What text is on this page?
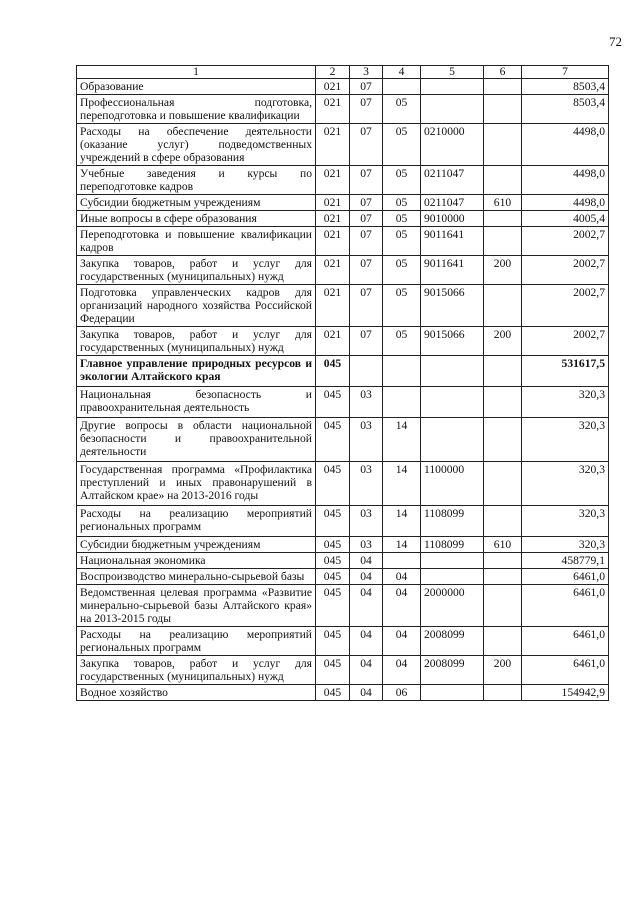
72
1	2	3	4	5	6	7
Образование	021	07				8503,4
Профессиональная подготовка, переподготовка и повышение квалификации	021	07	05			8503,4
Расходы на обеспечение деятельности (оказание услуг) подведомственных учреждений в сфере образования	021	07	05	0210000		4498,0
Учебные заведения и курсы по переподготовке кадров	021	07	05	0211047		4498,0
Субсидии бюджетным учреждениям	021	07	05	0211047	610	4498,0
Иные вопросы в сфере образования	021	07	05	9010000		4005,4
Переподготовка и повышение квалификации кадров	021	07	05	9011641		2002,7
Закупка товаров, работ и услуг для государственных (муниципальных) нужд	021	07	05	9011641	200	2002,7
Подготовка управленческих кадров для организаций народного хозяйства Российской Федерации	021	07	05	9015066		2002,7
Закупка товаров, работ и услуг для государственных (муниципальных) нужд	021	07	05	9015066	200	2002,7
Главное управление природных ресурсов и экологии Алтайского края	045					531617,5
Национальная безопасность и правоохранительная деятельность	045	03				320,3
Другие вопросы в области национальной безопасности и правоохранительной деятельности	045	03	14			320,3
Государственная программа «Профилактика преступлений и иных правонарушений в Алтайском крае» на 2013-2016 годы	045	03	14	1100000		320,3
Расходы на реализацию мероприятий региональных программ	045	03	14	1108099		320,3
Субсидии бюджетным учреждениям	045	03	14	1108099	610	320,3
Национальная экономика	045	04				458779,1
Воспроизводство минерально-сырьевой базы	045	04	04			6461,0
Ведомственная целевая программа «Развитие минерально-сырьевой базы Алтайского края» на 2013-2015 годы	045	04	04	2000000		6461,0
Расходы на реализацию мероприятий региональных программ	045	04	04	2008099		6461,0
Закупка товаров, работ и услуг для государственных (муниципальных) нужд	045	04	04	2008099	200	6461,0
Водное хозяйство	045	04	06			154942,9
